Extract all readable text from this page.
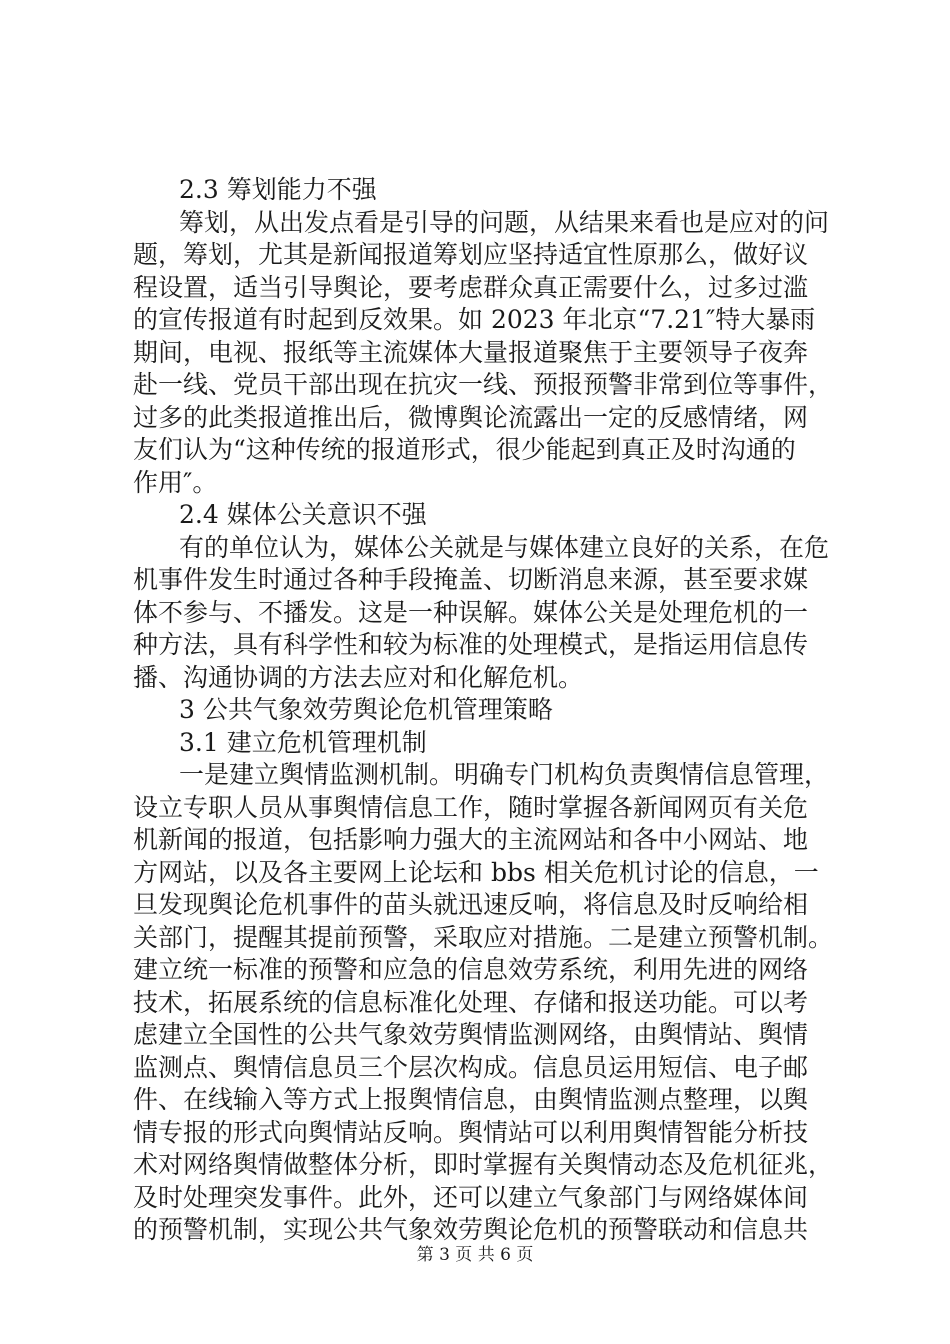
2.3 筹划能力不强
筹划，从出发点看是引导的问题，从结果来看也是应对的问
题，筹划，尤其是新闻报道筹划应坚持适宜性原那么，做好议
程设置，适当引导舆论，要考虑群众真正需要什么，过多过滥
的宣传报道有时起到反效果。如 2023 年北京“7.21″特大暴雨
期间，电视、报纸等主流媒体大量报道聚焦于主要领导子夜奔
赴一线、党员干部出现在抗灾一线、预报预警非常到位等事件，
过多的此类报道推出后，微博舆论流露出一定的反感情绪，网
友们认为“这种传统的报道形式，很少能起到真正及时沟通的
作用″。
2.4 媒体公关意识不强
有的单位认为，媒体公关就是与媒体建立良好的关系，在危
机事件发生时通过各种手段掩盖、切断消息来源，甚至要求媒
体不参与、不播发。这是一种误解。媒体公关是处理危机的一
种方法，具有科学性和较为标准的处理模式，是指运用信息传
播、沟通协调的方法去应对和化解危机。
3 公共气象效劳舆论危机管理策略
3.1 建立危机管理机制
一是建立舆情监测机制。明确专门机构负责舆情信息管理，
设立专职人员从事舆情信息工作，随时掌握各新闻网页有关危
机新闻的报道，包括影响力强大的主流网站和各中小网站、地
方网站，以及各主要网上论坛和 bbs 相关危机讨论的信息，一
旦发现舆论危机事件的苗头就迅速反响，将信息及时反响给相
关部门，提醒其提前预警，采取应对措施。二是建立预警机制。
建立统一标准的预警和应急的信息效劳系统，利用先进的网络
技术，拓展系统的信息标准化处理、存储和报送功能。可以考
虑建立全国性的公共气象效劳舆情监测网络，由舆情站、舆情
监测点、舆情信息员三个层次构成。信息员运用短信、电子邮
件、在线输入等方式上报舆情信息，由舆情监测点整理，以舆
情专报的形式向舆情站反响。舆情站可以利用舆情智能分析技
术对网络舆情做整体分析，即时掌握有关舆情动态及危机征兆，
及时处理突发事件。此外，还可以建立气象部门与网络媒体间
的预警机制，实现公共气象效劳舆论危机的预警联动和信息共
第 3 页 共 6 页
